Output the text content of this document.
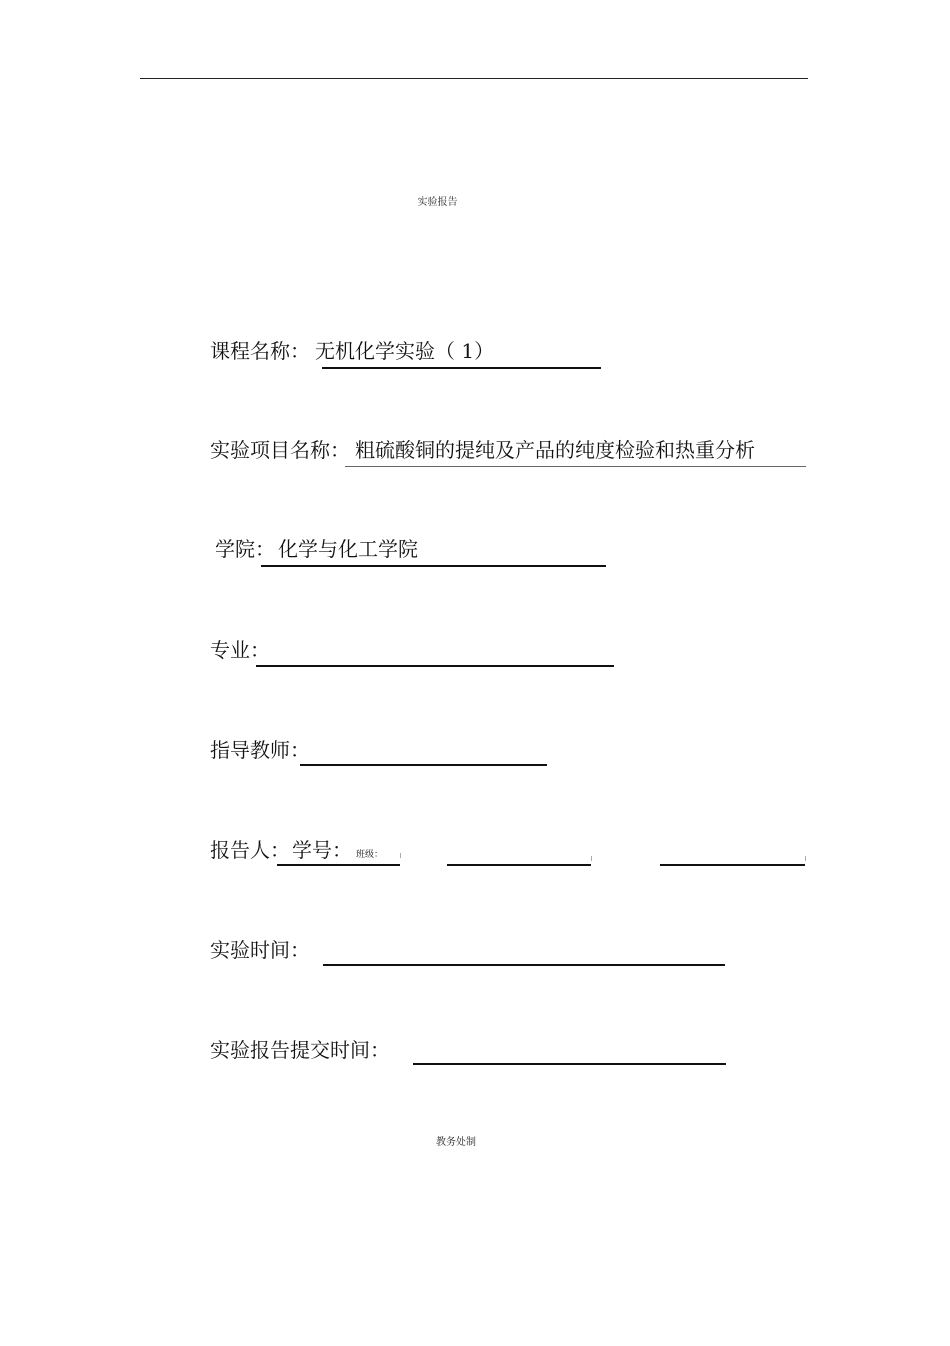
实验报告
课程名称： 无机化学实验（ 1）
实验项目名称： 粗硫酸铜的提纯及产品的纯度检验和热重分析
学院： 化学与化工学院
专业：
指导教师：
报告人： 学号： 班级：
实验时间：
实验报告提交时间：
教务处制
